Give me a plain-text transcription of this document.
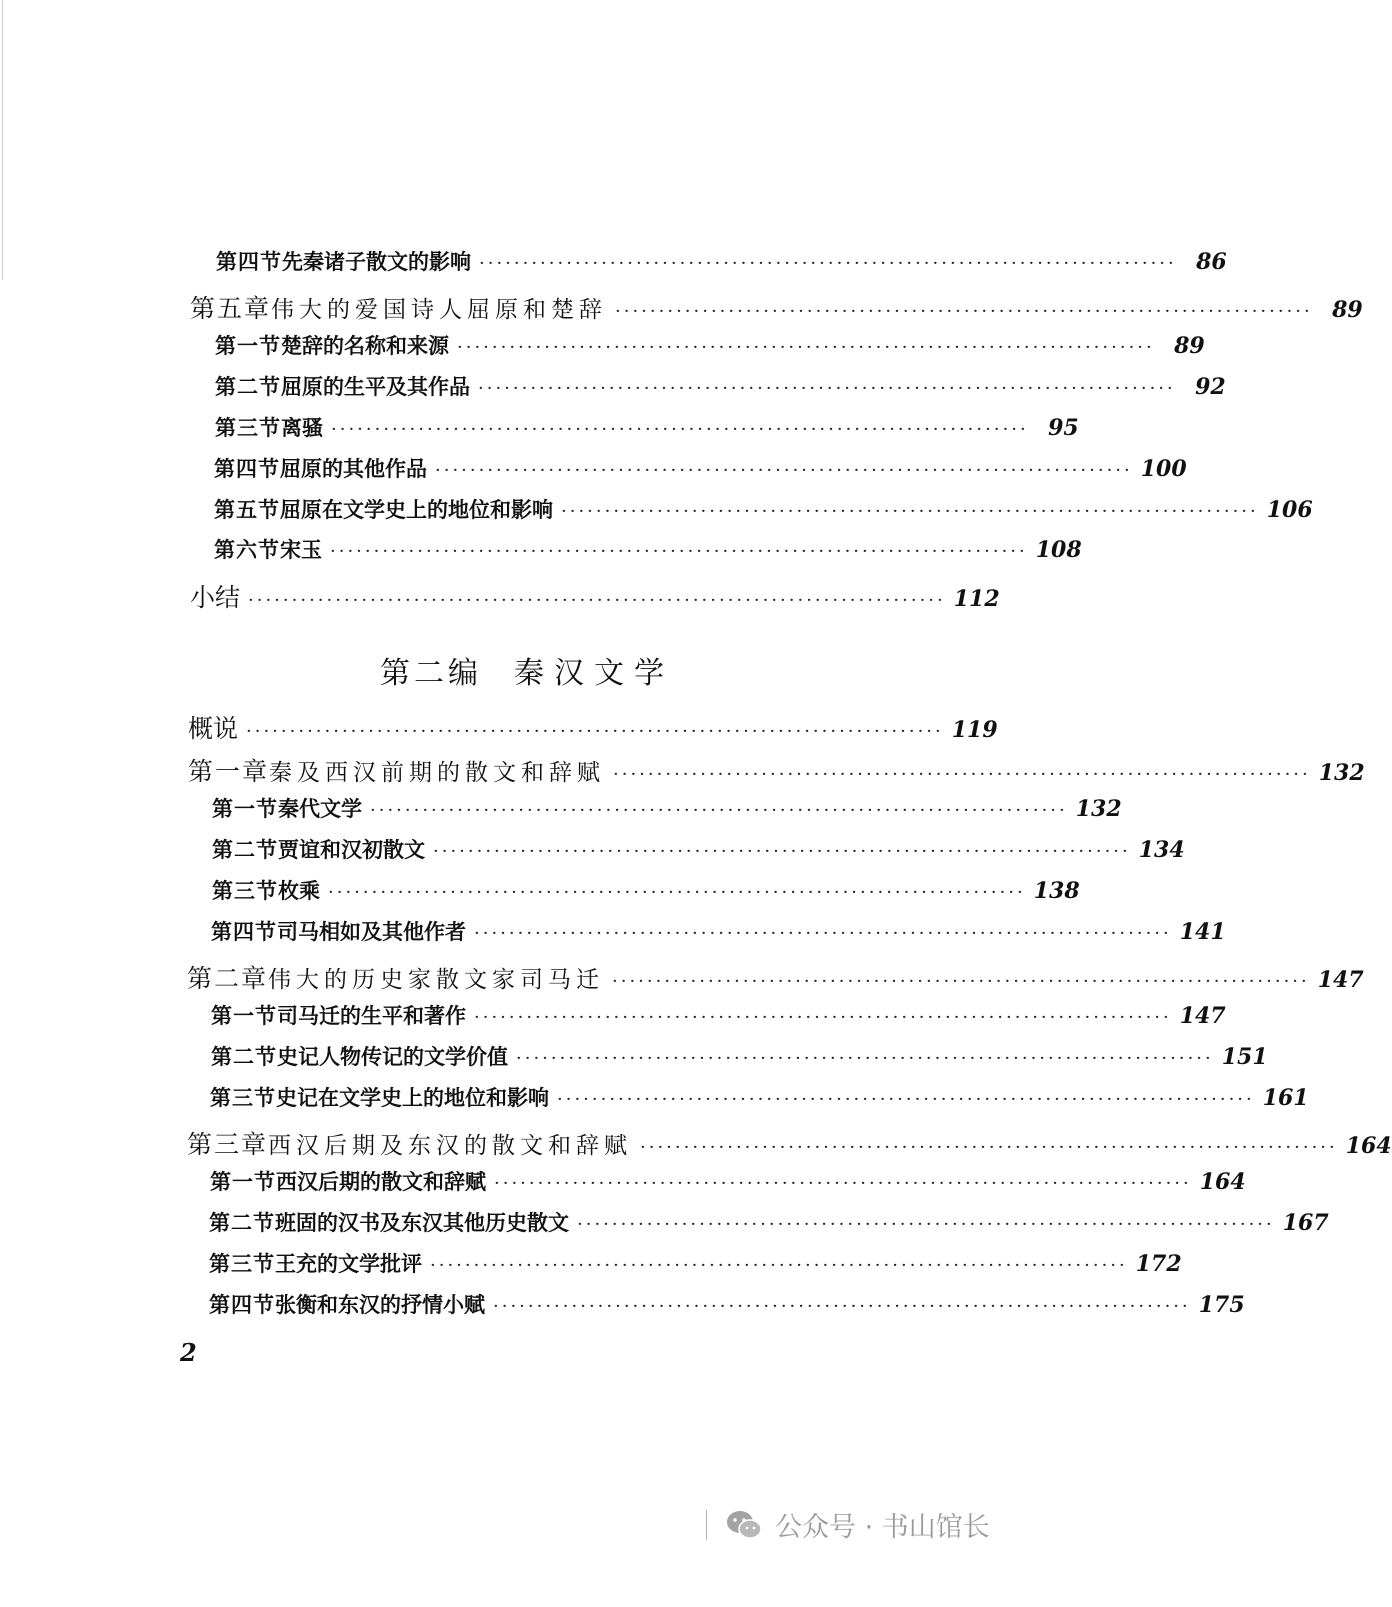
第四节 先秦诸子散文的影响 ················································································ 86
第五章 伟大的爱国诗人屈原和楚辞 ················································································ 89
第一节 楚辞的名称和来源 ················································································ 89
第二节 屈原的生平及其作品 ················································································ 92
第三节 离骚 ················································································ 95
第四节 屈原的其他作品 ················································································ 100
第五节 屈原在文学史上的地位和影响 ················································································ 106
第六节 宋玉 ················································································ 108
小结 ················································································ 112
概说 ················································································ 119
第一章 秦及西汉前期的散文和辞赋 ················································································ 132
第一节 秦代文学 ················································································ 132
第二节 贾谊和汉初散文 ················································································ 134
第三节 枚乘 ················································································ 138
第四节 司马相如及其他作者 ················································································ 141
第二章 伟大的历史家散文家司马迁 ················································································ 147
第一节 司马迁的生平和著作 ················································································ 147
第二节 史记人物传记的文学价值 ················································································ 151
第三节 史记在文学史上的地位和影响 ················································································ 161
第三章 西汉后期及东汉的散文和辞赋 ················································································ 164
第一节 西汉后期的散文和辞赋 ················································································ 164
第二节 班固的汉书及东汉其他历史散文 ················································································ 167
第三节 王充的文学批评 ················································································ 172
第四节 张衡和东汉的抒情小赋 ················································································ 175
第二编 秦汉文学
2
公众号 · 书山馆长
